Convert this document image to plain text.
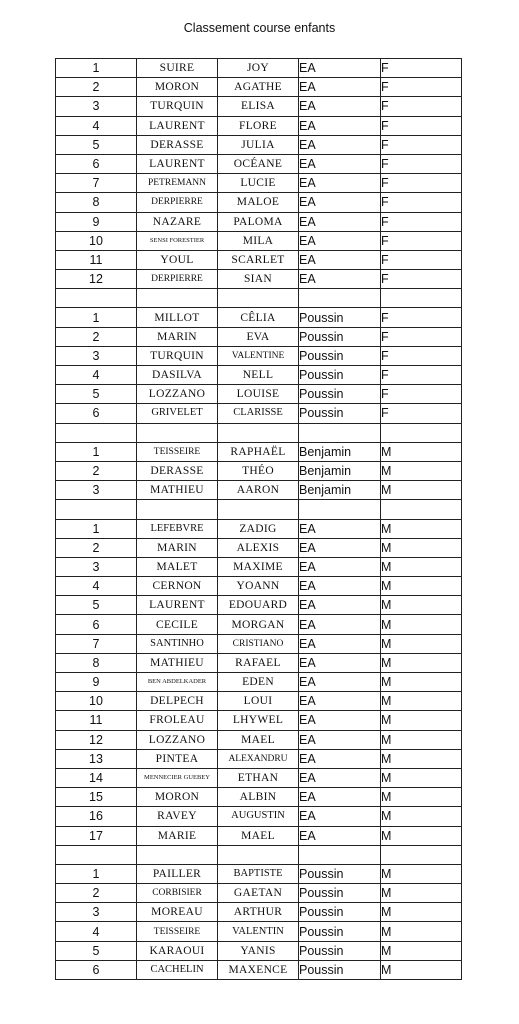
Classement course enfants
1	SUIRE	JOY	EA	F
2	MORON	AGATHE	EA	F
3	TURQUIN	ELISA	EA	F
4	LAURENT	FLORE	EA	F
5	DERASSE	JULIA	EA	F
6	LAURENT	OCÉANE	EA	F
7	PETREMANN	LUCIE	EA	F
8	DERPIERRE	MALOE	EA	F
9	NAZARE	PALOMA	EA	F
10	SENSI FORESTIER	MILA	EA	F
11	YOUL	SCARLET	EA	F
12	DERPIERRE	SIAN	EA	F

1	MILLOT	CÊLIA	Poussin	F
2	MARIN	EVA	Poussin	F
3	TURQUIN	VALENTINE	Poussin	F
4	DASILVA	NELL	Poussin	F
5	LOZZANO	LOUISE	Poussin	F
6	GRIVELET	CLARISSE	Poussin	F

1	TEISSEIRE	RAPHAËL	Benjamin	M
2	DERASSE	THÉO	Benjamin	M
3	MATHIEU	AARON	Benjamin	M

1	LEFEBVRE	ZADIG	EA	M
2	MARIN	ALEXIS	EA	M
3	MALET	MAXIME	EA	M
4	CERNON	YOANN	EA	M
5	LAURENT	EDOUARD	EA	M
6	CECILE	MORGAN	EA	M
7	SANTINHO	CRISTIANO	EA	M
8	MATHIEU	RAFAEL	EA	M
9	BEN ABDELKADER	EDEN	EA	M
10	DELPECH	LOUI	EA	M
11	FROLEAU	LHYWEL	EA	M
12	LOZZANO	MAEL	EA	M
13	PINTEA	ALEXANDRU	EA	M
14	MENNECIER GUEBEY	ETHAN	EA	M
15	MORON	ALBIN	EA	M
16	RAVEY	AUGUSTIN	EA	M
17	MARIE	MAEL	EA	M

1	PAILLER	BAPTISTE	Poussin	M
2	CORBISIER	GAETAN	Poussin	M
3	MOREAU	ARTHUR	Poussin	M
4	TEISSEIRE	VALENTIN	Poussin	M
5	KARAOUI	YANIS	Poussin	M
6	CACHELIN	MAXENCE	Poussin	M
